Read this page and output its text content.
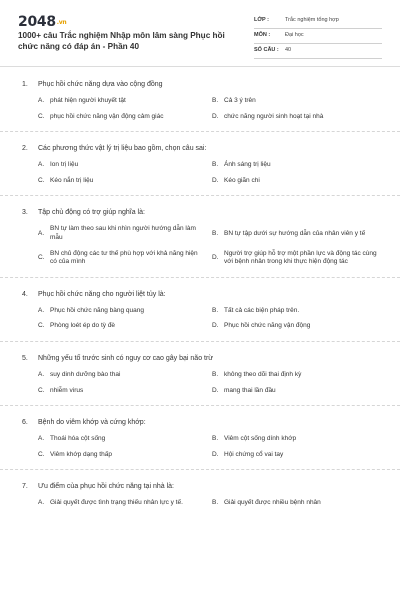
2048.vn
1000+ câu Trắc nghiệm Nhập môn lâm sàng Phục hồi chức năng có đáp án - Phần 40
LỚP :	Trắc nghiệm tổng hợp
MÔN :	Đại học
SỐ CÂU : 40
1. Phục hồi chức năng dựa vào cộng đồng
A. phát hiện người khuyết tật	B. Cả 3 ý trên
C. phục hồi chức năng vận động cảm giác	D. chức năng người sinh hoạt tại nhà
2. Các phương thức vật lý trị liệu bao gồm, chọn câu sai:
A. Ion trị liệu	B. Ánh sáng trị liệu
C. Kéo nắn trị liệu	D. Kéo giãn chi
3. Tập chủ động có trợ giúp nghĩa là:
A.
BN tự làm theo sau khi nhìn người hướng dẫn làm mẫu
B. BN tự tập dưới sự hướng dẫn của nhân viên y tế
C.
BN chủ động các tư thế phù hợp với khả năng hiện có của mình
D.
Người trợ giúp hỗ trợ một phần lực và động tác cùng với bệnh nhân trong khi thực hiện động tác
4. Phục hồi chức năng cho người liệt tủy là:
A. Phục hồi chức năng bàng quang	B. Tất cả các biện pháp trên.
C. Phòng loét ép do tỳ đè	D. Phục hồi chức năng vận động
5. Những yếu tố trước sinh có nguy cơ cao gây bại não trừ
A. suy dinh dưỡng bào thai	B. không theo dõi thai định kỳ
C. nhiễm virus	D. mang thai lần đầu
6. Bệnh do viêm khớp và cứng khớp:
A. Thoái hóa cột sống	B. Viêm cột sống dính khớp
C. Viêm khớp dạng thấp	D. Hội chứng cổ vai tay
7. Ưu điểm của phục hồi chức năng tại nhà là:
A. Giải quyết được tình trạng thiếu nhân lực y tế.	B. Giải quyết được nhiều bệnh nhân
